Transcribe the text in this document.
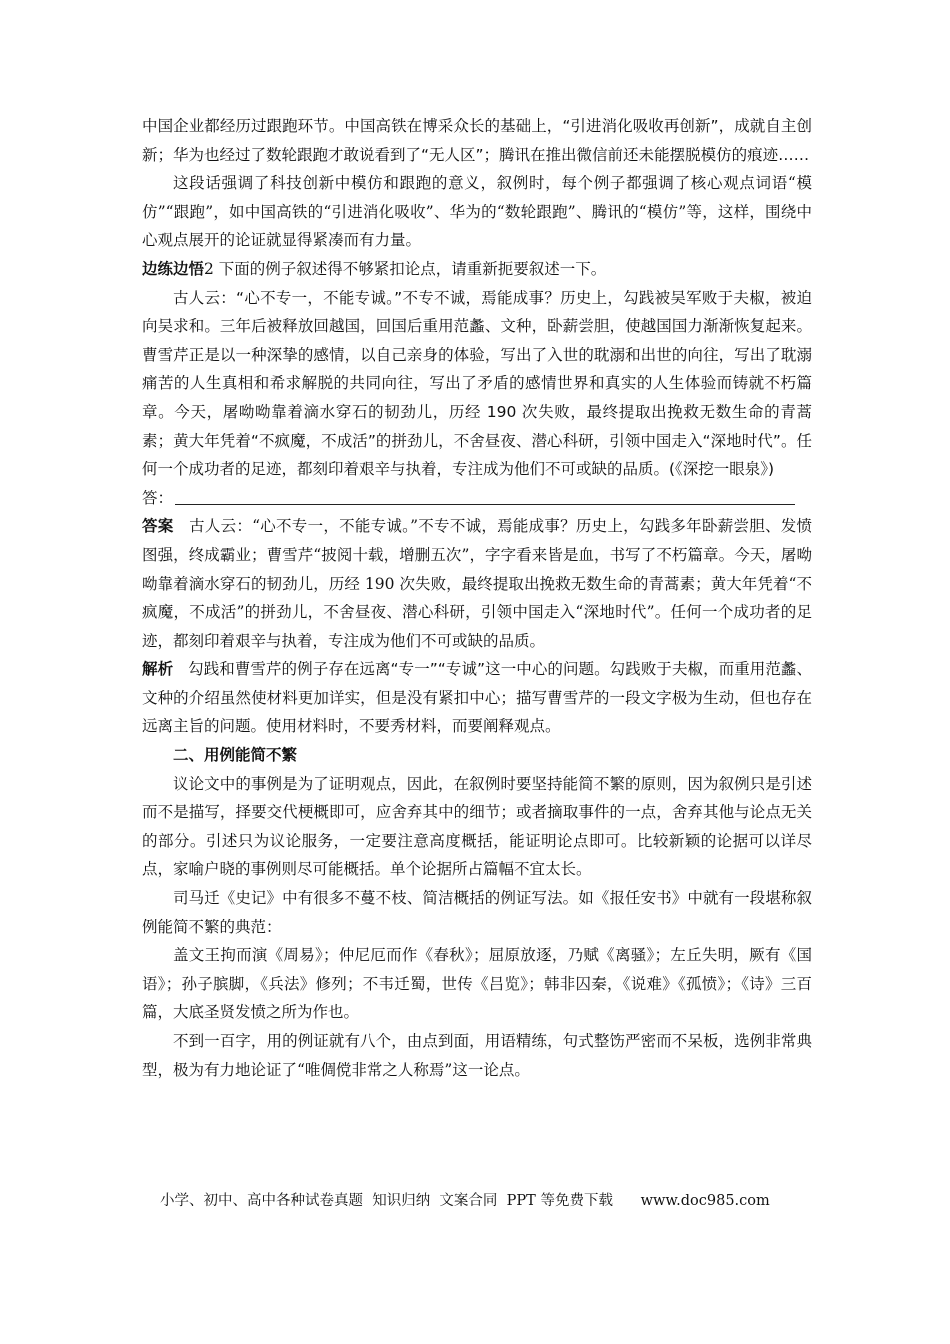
中国企业都经历过跟跑环节。中国高铁在博采众长的基础上，“引进消化吸收再创新”，成就自主创新；华为也经过了数轮跟跑才敢说看到了“无人区”；腾讯在推出微信前还未能摆脱模仿的痕迹……

这段话强调了科技创新中模仿和跟跑的意义，叙例时，每个例子都强调了核心观点词语“模仿”“跟跑”，如中国高铁的“引进消化吸收”、华为的“数轮跟跑”、腾讯的“模仿”等，这样，围绕中心观点展开的论证就显得紧凑而有力量。

边练边悟2 下面的例子叙述得不够紧扣论点，请重新扼要叙述一下。

古人云：“心不专一，不能专诚。”不专不诚，焉能成事？历史上，勾践被吴军败于夫椒，被迫向吴求和。三年后被释放回越国，回国后重用范蠡、文种，卧薪尝胆，使越国国力渐渐恢复起来。曹雪芹正是以一种深挚的感情，以自己亲身的体验，写出了入世的耽溺和出世的向往，写出了耽溺痛苦的人生真相和希求解脱的共同向往，写出了矛盾的感情世界和真实的人生体验而铸就不朽篇章。今天，屠呦呦靠着滴水穿石的韧劲儿，历经 190 次失败，最终提取出挽救无数生命的青蒿素；黄大年凭着“不疯魔，不成活”的拼劲儿，不舍昼夜、潜心科研，引领中国走入“深地时代”。任何一个成功者的足迹，都刻印着艰辛与执着，专注成为他们不可或缺的品质。(《深挖一眼泉》)

答：

答案 古人云：“心不专一，不能专诚。”不专不诚，焉能成事？历史上，勾践多年卧薪尝胆、发愤图强，终成霸业；曹雪芹“披阅十载，增删五次”，字字看来皆是血，书写了不朽篇章。今天，屠呦呦靠着滴水穿石的韧劲儿，历经 190 次失败，最终提取出挽救无数生命的青蒿素；黄大年凭着“不疯魔，不成活”的拼劲儿，不舍昼夜、潜心科研，引领中国走入“深地时代”。任何一个成功者的足迹，都刻印着艰辛与执着，专注成为他们不可或缺的品质。

解析 勾践和曹雪芹的例子存在远离“专一”“专诚”这一中心的问题。勾践败于夫椒，而重用范蠡、文种的介绍虽然使材料更加详实，但是没有紧扣中心；描写曹雪芹的一段文字极为生动，但也存在远离主旨的问题。使用材料时，不要秀材料，而要阐释观点。

二、用例能简不繁

议论文中的事例是为了证明观点，因此，在叙例时要坚持能简不繁的原则，因为叙例只是引述而不是描写，择要交代梗概即可，应舍弃其中的细节；或者摘取事件的一点，舍弃其他与论点无关的部分。引述只为议论服务，一定要注意高度概括，能证明论点即可。比较新颖的论据可以详尽点，家喻户晓的事例则尽可能概括。单个论据所占篇幅不宜太长。

司马迁《史记》中有很多不蔓不枝、简洁概括的例证写法。如《报任安书》中就有一段堪称叙例能简不繁的典范：

盖文王拘而演《周易》；仲尼厄而作《春秋》；屈原放逐，乃赋《离骚》；左丘失明，厥有《国语》；孙子膑脚，《兵法》修列；不韦迁蜀，世传《吕览》；韩非囚秦，《说难》《孤愤》；《诗》三百篇，大底圣贤发愤之所为作也。

不到一百字，用的例证就有八个，由点到面，用语精练，句式整饬严密而不呆板，选例非常典型，极为有力地论证了“唯倜傥非常之人称焉”这一论点。

小学、初中、高中各种试卷真题  知识归纳  文案合同  PPT 等免费下载 www.doc985.com
